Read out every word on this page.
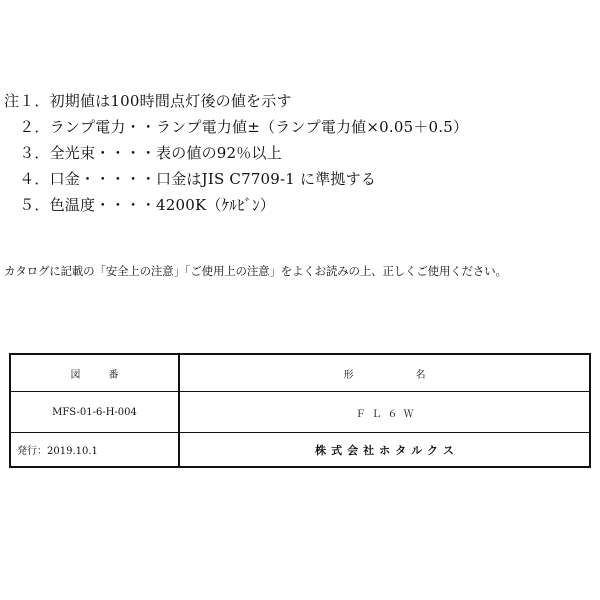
注１．初期値は100時間点灯後の値を示す
　２．ランプ電力・・ランプ電力値±（ランプ電力値×0.05＋0.5）
　３．全光束・・・・表の値の92％以上
　４．口金・・・・・口金はJIS C7709-1 に準拠する
　５．色温度・・・・4200K（ｹﾙﾋﾞﾝ）
カタログに記載の「安全上の注意」「ご使用上の注意」をよくお読みの上、正しくご使用ください。
図番	形名
MFS-01-6-H-004	ＦＬ６Ｗ
発行：2019.10.1	株式会社ホタルクス
